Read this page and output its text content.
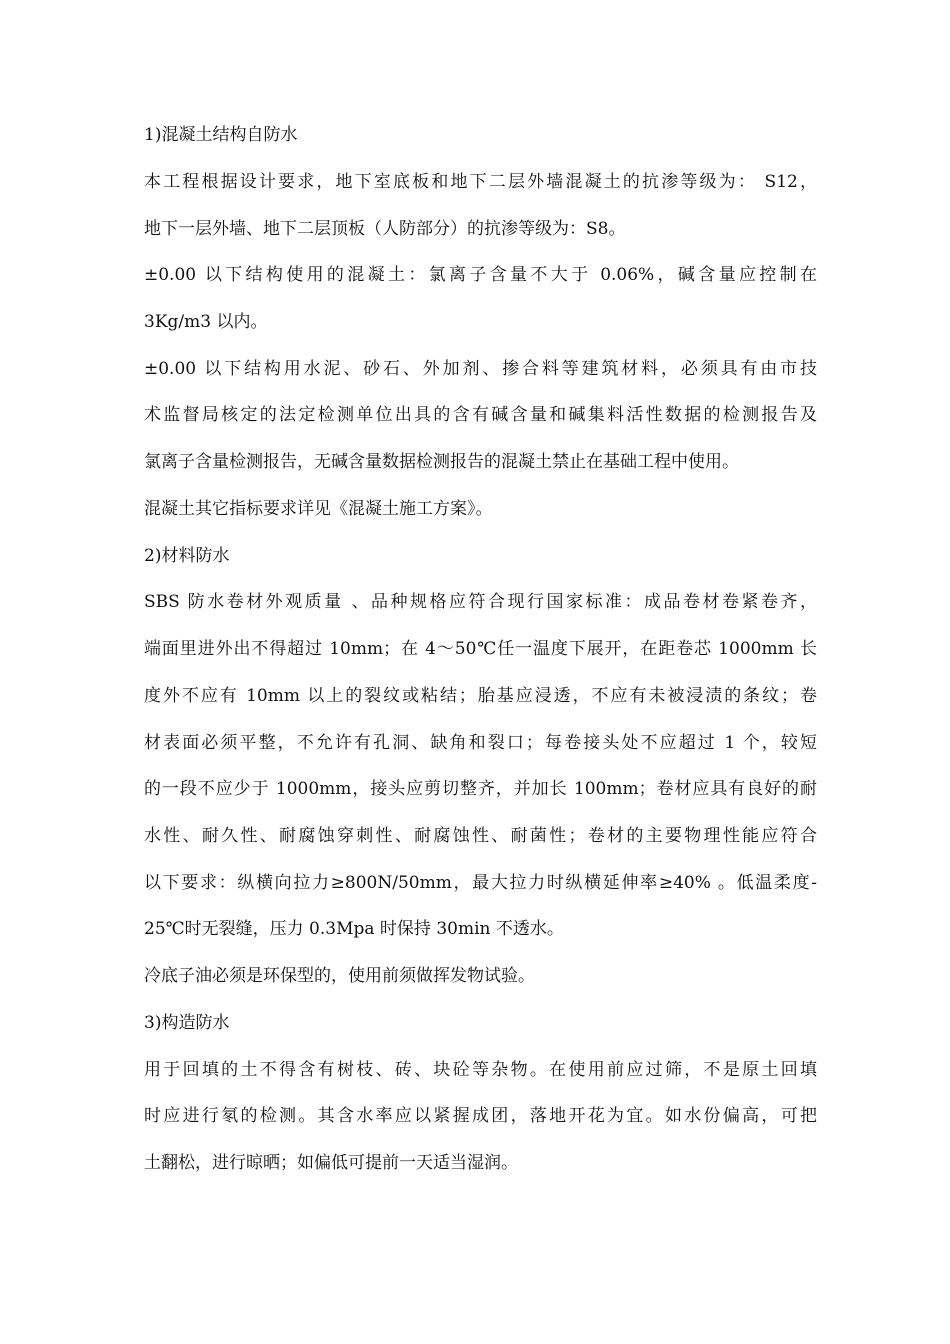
1)混凝土结构自防水
本工程根据设计要求，地下室底板和地下二层外墙混凝土的抗渗等级为： S12，
地下一层外墙、地下二层顶板（人防部分）的抗渗等级为：S8。
±0.00 以下结构使用的混凝土：氯离子含量不大于 0.06%，碱含量应控制在
3Kg/m3 以内。
±0.00 以下结构用水泥、砂石、外加剂、掺合料等建筑材料，必须具有由市技
术监督局核定的法定检测单位出具的含有碱含量和碱集料活性数据的检测报告及
氯离子含量检测报告，无碱含量数据检测报告的混凝土禁止在基础工程中使用。
混凝土其它指标要求详见《混凝土施工方案》。
2)材料防水
SBS 防水卷材外观质量 、品种规格应符合现行国家标准：成品卷材卷紧卷齐，
端面里进外出不得超过 10mm；在 4～50℃任一温度下展开，在距卷芯 1000mm 长
度外不应有 10mm 以上的裂纹或粘结；胎基应浸透，不应有未被浸渍的条纹；卷
材表面必须平整，不允许有孔洞、缺角和裂口；每卷接头处不应超过 1 个，较短
的一段不应少于 1000mm，接头应剪切整齐，并加长 100mm；卷材应具有良好的耐
水性、耐久性、耐腐蚀穿刺性、耐腐蚀性、耐菌性；卷材的主要物理性能应符合
以下要求：纵横向拉力≥800N/50mm，最大拉力时纵横延伸率≥40% 。低温柔度-
25℃时无裂缝，压力 0.3Mpa 时保持 30min 不透水。
冷底子油必须是环保型的，使用前须做挥发物试验。
3)构造防水
用于回填的土不得含有树枝、砖、块砼等杂物。在使用前应过筛，不是原土回填
时应进行氡的检测。其含水率应以紧握成团，落地开花为宜。如水份偏高，可把
土翻松，进行晾晒；如偏低可提前一天适当湿润。
